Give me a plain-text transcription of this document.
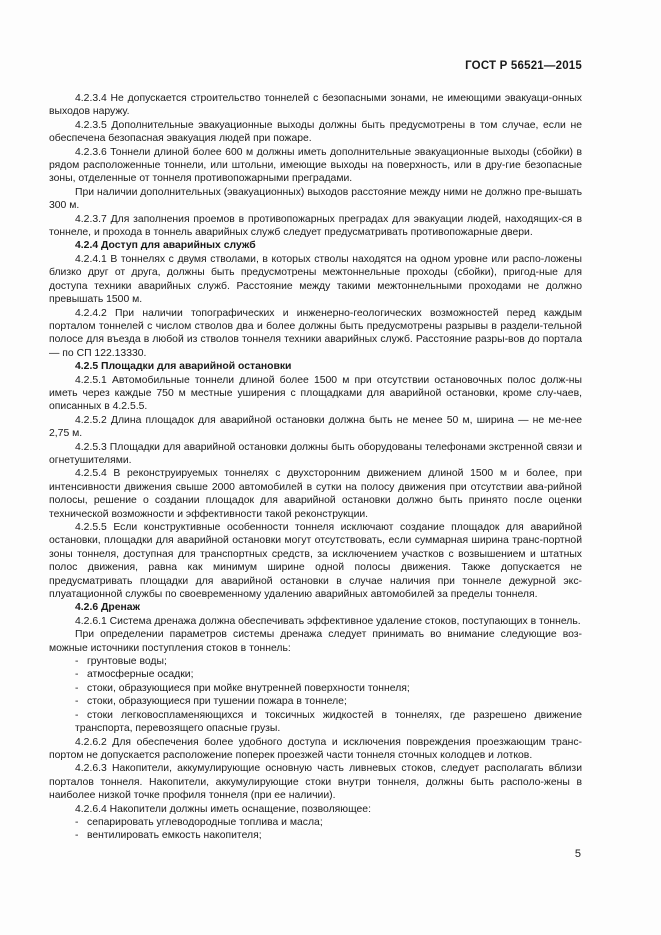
ГОСТ Р 56521—2015

4.2.3.4 Не допускается строительство тоннелей с безопасными зонами, не имеющими эвакуаци-онных выходов наружу.

4.2.3.5 Дополнительные эвакуационные выходы должны быть предусмотрены в том случае, если не обеспечена безопасная эвакуация людей при пожаре.

4.2.3.6 Тоннели длиной более 600 м должны иметь дополнительные эвакуационные выходы (сбойки) в рядом расположенные тоннели, или штольни, имеющие выходы на поверхность, или в дру-гие безопасные зоны, отделенные от тоннеля противопожарными преградами.

При наличии дополнительных (эвакуационных) выходов расстояние между ними не должно пре-вышать 300 м.

4.2.3.7 Для заполнения проемов в противопожарных преградах для эвакуации людей, находящих-ся в тоннеле, и прохода в тоннель аварийных служб следует предусматривать противопожарные двери.

4.2.4 Доступ для аварийных служб

4.2.4.1 В тоннелях с двумя стволами, в которых стволы находятся на одном уровне или распо-ложены близко друг от друга, должны быть предусмотрены межтоннельные проходы (сбойки), пригод-ные для доступа техники аварийных служб. Расстояние между такими межтоннельными проходами не должно превышать 1500 м.

4.2.4.2 При наличии топографических и инженерно-геологических возможностей перед каждым порталом тоннелей с числом стволов два и более должны быть предусмотрены разрывы в раздели-тельной полосе для въезда в любой из стволов тоннеля техники аварийных служб. Расстояние разры-вов до портала — по СП 122.13330.

4.2.5 Площадки для аварийной остановки

4.2.5.1 Автомобильные тоннели длиной более 1500 м при отсутствии остановочных полос долж-ны иметь через каждые 750 м местные уширения с площадками для аварийной остановки, кроме слу-чаев, описанных в 4.2.5.5.

4.2.5.2 Длина площадок для аварийной остановки должна быть не менее 50 м, ширина — не ме-нее 2,75 м.

4.2.5.3 Площадки для аварийной остановки должны быть оборудованы телефонами экстренной связи и огнетушителями.

4.2.5.4 В реконструируемых тоннелях с двухсторонним движением длиной 1500 м и более, при интенсивности движения свыше 2000 автомобилей в сутки на полосу движения при отсутствии ава-рийной полосы, решение о создании площадок для аварийной остановки должно быть принято после оценки технической возможности и эффективности такой реконструкции.

4.2.5.5 Если конструктивные особенности тоннеля исключают создание площадок для аварийной остановки, площадки для аварийной остановки могут отсутствовать, если суммарная ширина транс-портной зоны тоннеля, доступная для транспортных средств, за исключением участков с возвышением и штатных полос движения, равна как минимум ширине одной полосы движения. Также допускается не предусматривать площадки для аварийной остановки в случае наличия при тоннеле дежурной экс-плуатационной службы по своевременному удалению аварийных автомобилей за пределы тоннеля.

4.2.6 Дренаж

4.2.6.1 Система дренажа должна обеспечивать эффективное удаление стоков, поступающих в тоннель.

При определении параметров системы дренажа следует принимать во внимание следующие воз-можные источники поступления стоков в тоннель:

- грунтовые воды;

- атмосферные осадки;

- стоки, образующиеся при мойке внутренней поверхности тоннеля;

- стоки, образующиеся при тушении пожара в тоннеле;

- стоки легковоспламеняющихся и токсичных жидкостей в тоннелях, где разрешено движение транспорта, перевозящего опасные грузы.

4.2.6.2 Для обеспечения более удобного доступа и исключения повреждения проезжающим транс-портом не допускается расположение поперек проезжей части тоннеля сточных колодцев и лотков.

4.2.6.3 Накопители, аккумулирующие основную часть ливневых стоков, следует располагать вблизи порталов тоннеля. Накопители, аккумулирующие стоки внутри тоннеля, должны быть располо-жены в наиболее низкой точке профиля тоннеля (при ее наличии).

4.2.6.4 Накопители должны иметь оснащение, позволяющее:

- сепарировать углеводородные топлива и масла;

- вентилировать емкость накопителя;

5
